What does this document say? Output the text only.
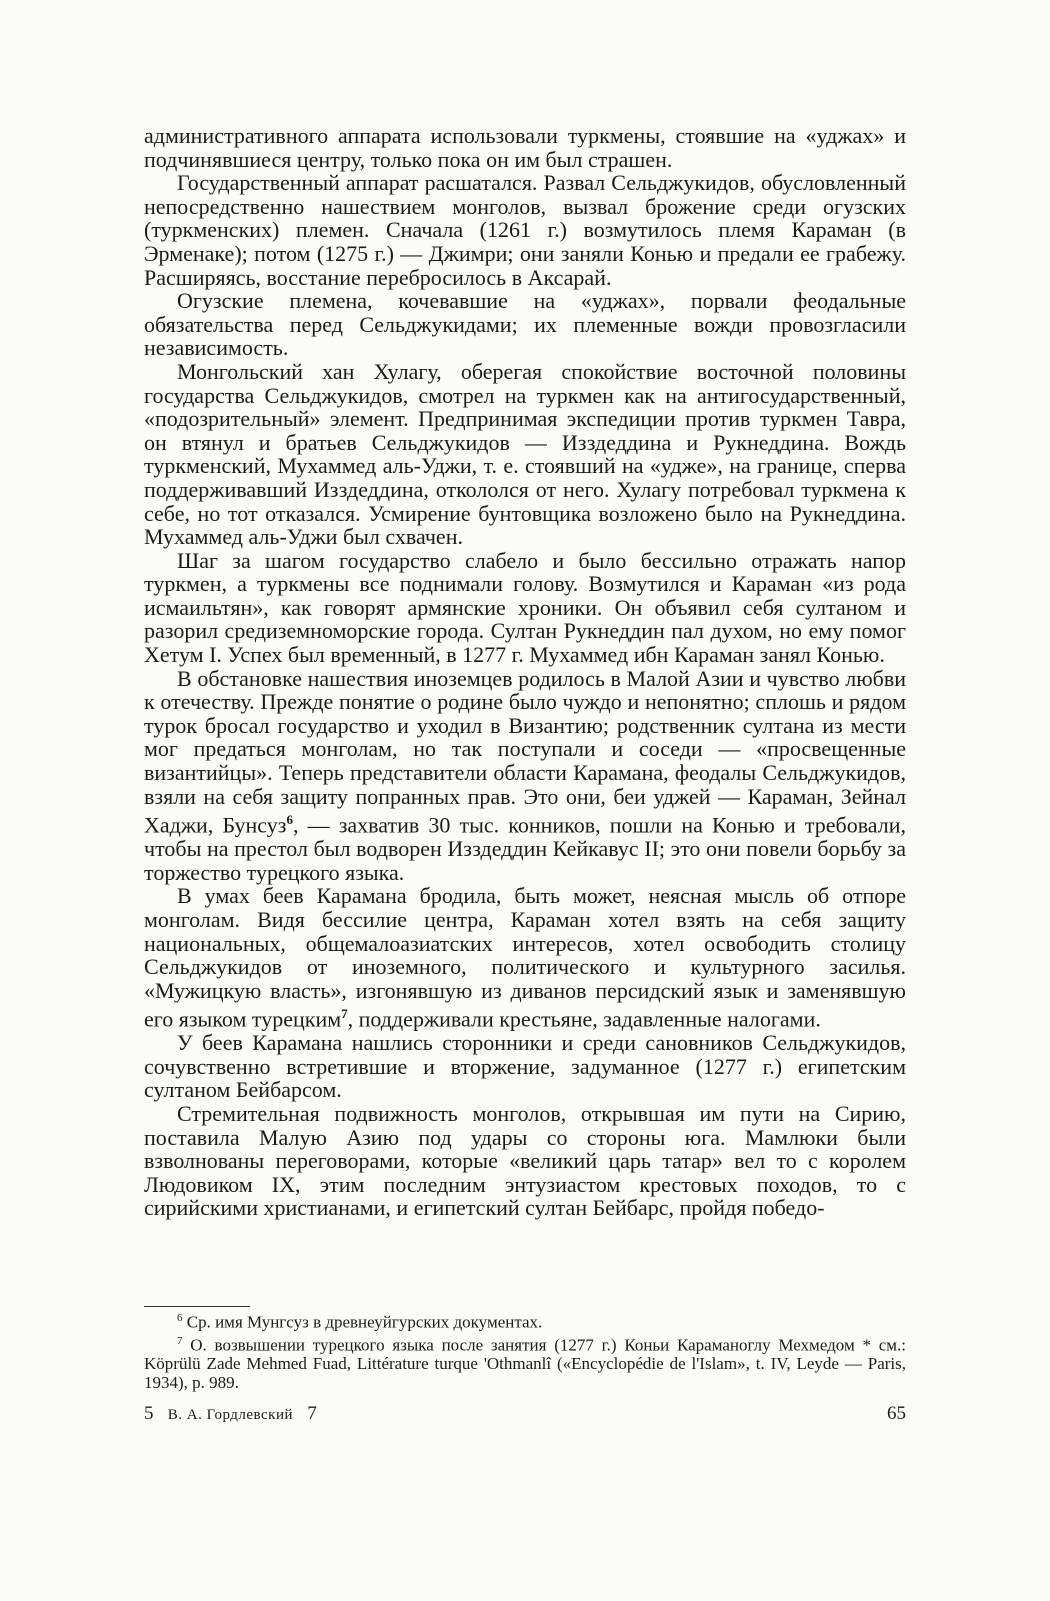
административного аппарата использовали туркмены, стоявшие на «уджах» и подчинявшиеся центру, только пока он им был страшен.

Государственный аппарат расшатался. Развал Сельджукидов, обусловленный непосредственно нашествием монголов, вызвал брожение среди огузских (туркменских) племен. Сначала (1261 г.) возмутилось племя Караман (в Эрменаке); потом (1275 г.) — Джимри; они заняли Конью и предали ее грабежу. Расширяясь, восстание перебросилось в Аксарай.

Огузские племена, кочевавшие на «уджах», порвали феодальные обязательства перед Сельджукидами; их племенные вожди провозгласили независимость.

Монгольский хан Хулагу, оберегая спокойствие восточной половины государства Сельджукидов, смотрел на туркмен как на антигосударственный, «подозрительный» элемент. Предпринимая экспедиции против туркмен Тавра, он втянул и братьев Сельджукидов — Изздеддина и Рукнеддина. Вождь туркменский, Мухаммед аль-Уджи, т. е. стоявший на «удже», на границе, сперва поддерживавший Изздеддина, откололся от него. Хулагу потребовал туркмена к себе, но тот отказался. Усмирение бунтовщика возложено было на Рукнеддина. Мухаммед аль-Уджи был схвачен.

Шаг за шагом государство слабело и было бессильно отражать напор туркмен, а туркмены все поднимали голову. Возмутился и Караман «из рода исмаильтян», как говорят армянские хроники. Он объявил себя султаном и разорил средиземноморские города. Султан Рукнеддин пал духом, но ему помог Хетум I. Успех был временный, в 1277 г. Мухаммед ибн Караман занял Конью.

В обстановке нашествия иноземцев родилось в Малой Азии и чувство любви к отечеству. Прежде понятие о родине было чуждо и непонятно; сплошь и рядом турок бросал государство и уходил в Византию; родственник султана из мести мог предаться монголам, но так поступали и соседи — «просвещенные византийцы». Теперь представители области Карамана, феодалы Сельджукидов, взяли на себя защиту попранных прав. Это они, беи уджей — Караман, Зейнал Хаджи, Бунсуз$^6$, — захватив 30 тыс. конников, пошли на Конью и требовали, чтобы на престол был водворен Изздеддин Кейкавус II; это они повели борьбу за торжество турецкого языка.

В умах беев Карамана бродила, быть может, неясная мысль об отпоре монголам. Видя бессилие центра, Караман хотел взять на себя защиту национальных, общемалоазиатских интересов, хотел освободить столицу Сельджукидов от иноземного, политического и культурного засилья. «Мужицкую власть», изгонявшую из диванов персидский язык и заменявшую его языком турецким$^7$, поддерживали крестьяне, задавленные налогами.

У беев Карамана нашлись сторонники и среди сановников Сельджукидов, сочувственно встретившие и вторжение, задуманное (1277 г.) египетским султаном Бейбарсом.

Стремительная подвижность монголов, открывшая им пути на Сирию, поставила Малую Азию под удары со стороны юга. Мамлюки были взволнованы переговорами, которые «великий царь татар» вел то с королем Людовиком IX, этим последним энтузиастом крестовых походов, то с сирийскими христианами, и египетский султан Бейбарс, пройдя победо-

$^6$ Ср. имя Мунгсуз в древнеуйгурских документах.

$^7$ О. возвышении турецкого языка после занятия (1277 г.) Коньи Караманоглу Мехмедом * см.: Köprülü Zade Mehmed Fuad, Littérature turque 'Othmanlî («Encyclopédie de l'Islam», t. IV, Leyde — Paris, 1934), p. 989.

5 В. А. Гордлевский 7	65
